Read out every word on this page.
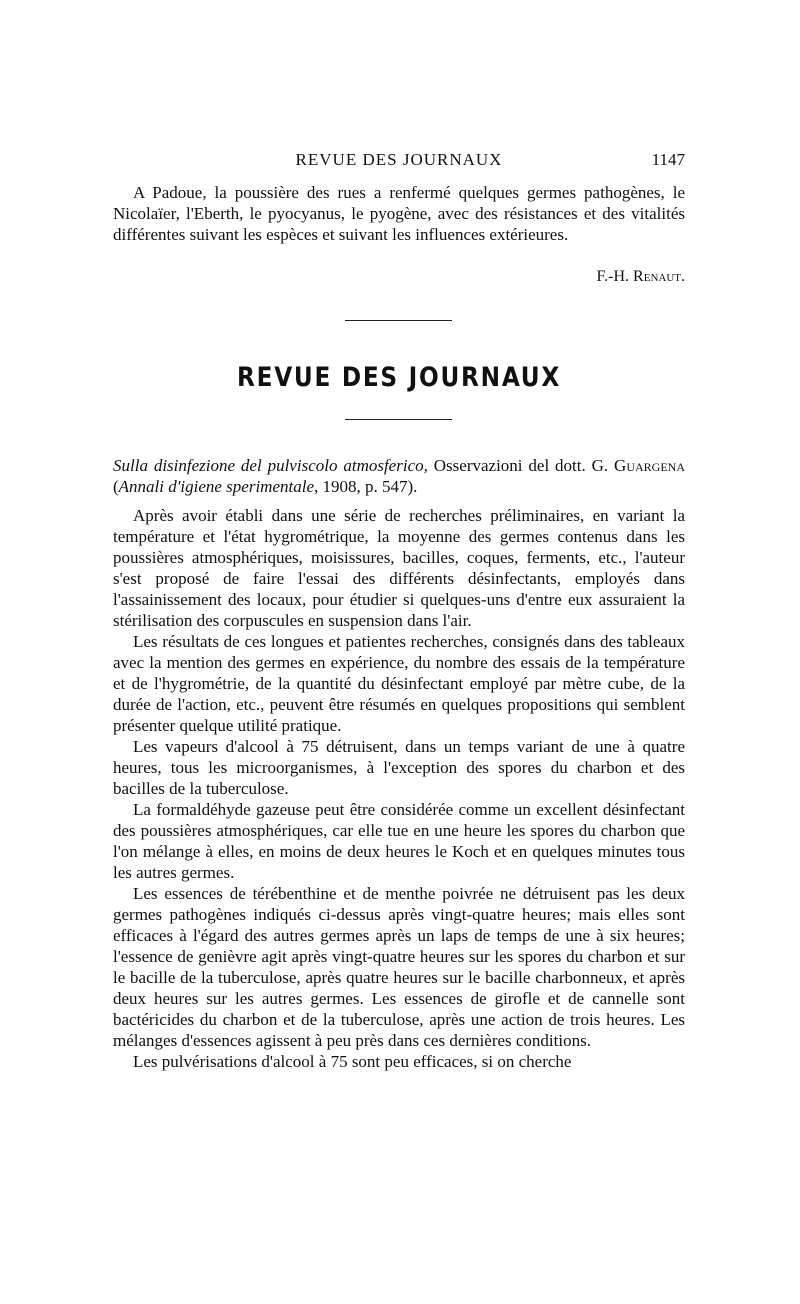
REVUE DES JOURNAUX	1147

A Padoue, la poussière des rues a renfermé quelques germes pathogènes, le Nicolaïer, l'Eberth, le pyocyanus, le pyogène, avec des résistances et des vitalités différentes suivant les espèces et suivant les influences extérieures.

F.-H. Renaut.
REVUE DES JOURNAUX

Sulla disinfezione del pulviscolo atmosferico, Osservazioni del dott. G. Guargena (Annali d'igiene sperimentale, 1908, p. 547).

Après avoir établi dans une série de recherches préliminaires, en variant la température et l'état hygrométrique, la moyenne des germes contenus dans les poussières atmosphériques, moisissures, bacilles, coques, ferments, etc., l'auteur s'est proposé de faire l'essai des différents désinfectants, employés dans l'assainissement des locaux, pour étudier si quelques-uns d'entre eux assuraient la stérilisation des corpuscules en suspension dans l'air.

Les résultats de ces longues et patientes recherches, consignés dans des tableaux avec la mention des germes en expérience, du nombre des essais de la température et de l'hygrométrie, de la quantité du désinfectant employé par mètre cube, de la durée de l'action, etc., peuvent être résumés en quelques propositions qui semblent présenter quelque utilité pratique.

Les vapeurs d'alcool à 75 détruisent, dans un temps variant de une à quatre heures, tous les microorganismes, à l'exception des spores du charbon et des bacilles de la tuberculose.

La formaldéhyde gazeuse peut être considérée comme un excellent désinfectant des poussières atmosphériques, car elle tue en une heure les spores du charbon que l'on mélange à elles, en moins de deux heures le Koch et en quelques minutes tous les autres germes.

Les essences de térébenthine et de menthe poivrée ne détruisent pas les deux germes pathogènes indiqués ci-dessus après vingt-quatre heures; mais elles sont efficaces à l'égard des autres germes après un laps de temps de une à six heures; l'essence de genièvre agit après vingt-quatre heures sur les spores du charbon et sur le bacille de la tuberculose, après quatre heures sur le bacille charbonneux, et après deux heures sur les autres germes. Les essences de girofle et de cannelle sont bactéricides du charbon et de la tuberculose, après une action de trois heures. Les mélanges d'essences agissent à peu près dans ces dernières conditions.

Les pulvérisations d'alcool à 75 sont peu efficaces, si on cherche
